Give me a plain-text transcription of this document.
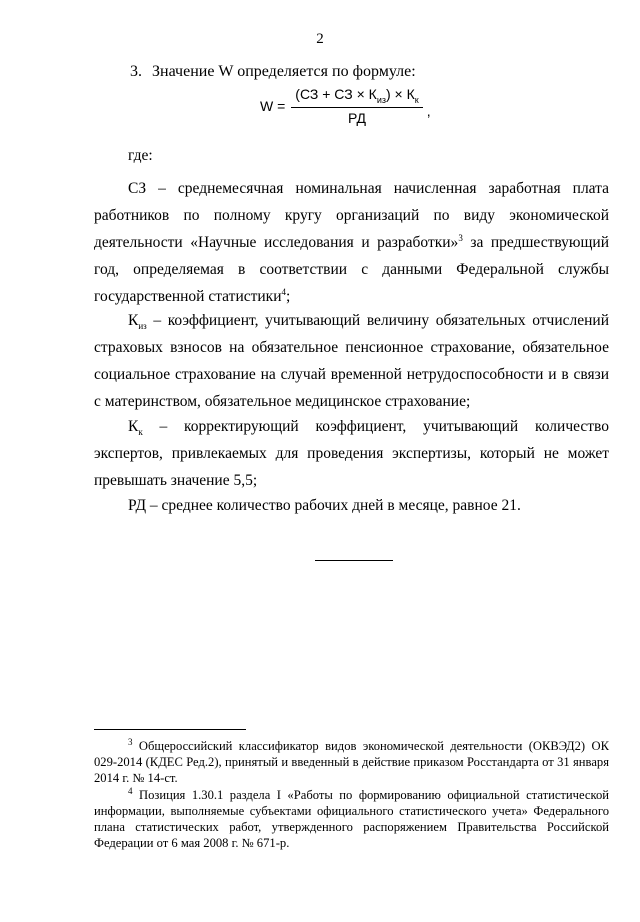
2
3. Значение W определяется по формуле:
$W = \frac{(СЗ + СЗ \times К_{из}) \times К_к}{РД}$ ,
где:
СЗ – среднемесячная номинальная начисленная заработная плата работников по полному кругу организаций по виду экономической деятельности «Научные исследования и разработки»$^3$ за предшествующий год, определяемая в соответствии с данными Федеральной службы государственной статистики$^4$;
$К_{из}$ – коэффициент, учитывающий величину обязательных отчислений страховых взносов на обязательное пенсионное страхование, обязательное социальное страхование на случай временной нетрудоспособности и в связи с материнством, обязательное медицинское страхование;
$К_к$ – корректирующий коэффициент, учитывающий количество экспертов, привлекаемых для проведения экспертизы, который не может превышать значение 5,5;
РД – среднее количество рабочих дней в месяце, равное 21.
$^3$ Общероссийский классификатор видов экономической деятельности (ОКВЭД2) ОК 029-2014 (КДЕС Ред.2), принятый и введенный в действие приказом Росстандарта от 31 января 2014 г. № 14-ст.
$^4$ Позиция 1.30.1 раздела I «Работы по формированию официальной статистической информации, выполняемые субъектами официального статистического учета» Федерального плана статистических работ, утвержденного распоряжением Правительства Российской Федерации от 6 мая 2008 г. № 671-р.
